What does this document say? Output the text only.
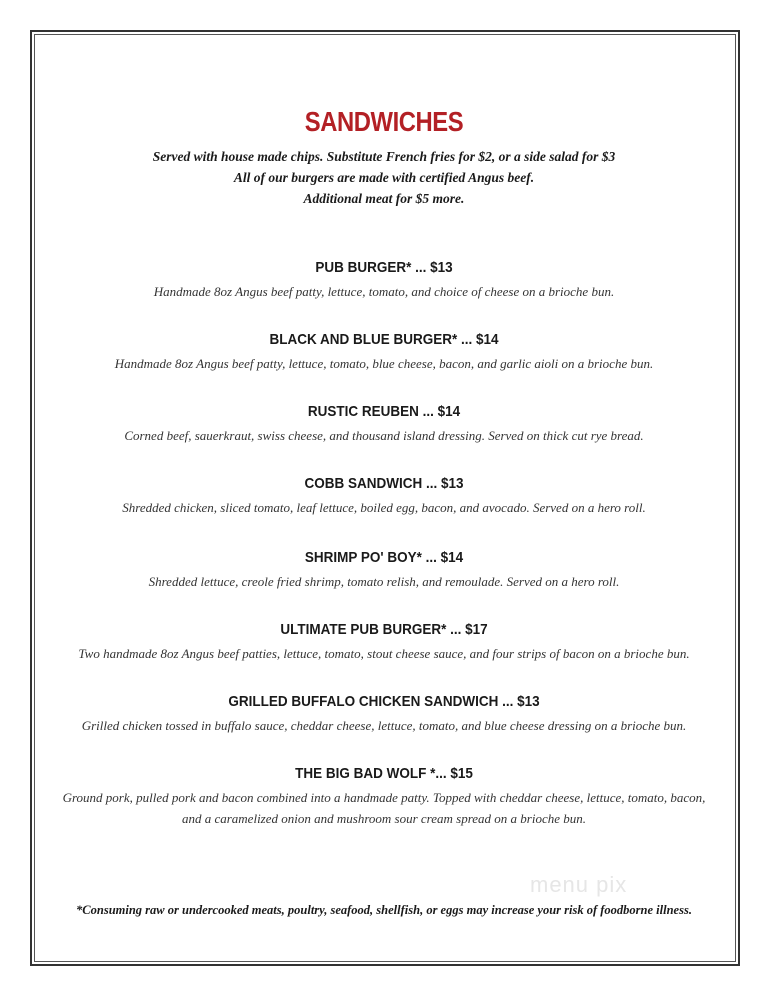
SANDWICHES
Served with house made chips. Substitute French fries for $2, or a side salad for $3
All of our burgers are made with certified Angus beef.
Additional meat for $5 more.
PUB BURGER* ... $13
Handmade 8oz Angus beef patty, lettuce, tomato, and choice of cheese on a brioche bun.
BLACK AND BLUE BURGER* ... $14
Handmade 8oz Angus beef patty, lettuce, tomato, blue cheese, bacon, and garlic aioli on a brioche bun.
RUSTIC REUBEN ... $14
Corned beef, sauerkraut, swiss cheese, and thousand island dressing. Served on thick cut rye bread.
COBB SANDWICH ... $13
Shredded chicken, sliced tomato, leaf lettuce, boiled egg, bacon, and avocado. Served on a hero roll.
SHRIMP PO' BOY* ... $14
Shredded lettuce, creole fried shrimp, tomato relish, and remoulade. Served on a hero roll.
ULTIMATE PUB BURGER* ... $17
Two handmade 8oz Angus beef patties, lettuce, tomato, stout cheese sauce, and four strips of bacon on a brioche bun.
GRILLED BUFFALO CHICKEN SANDWICH ... $13
Grilled chicken tossed in buffalo sauce, cheddar cheese, lettuce, tomato, and blue cheese dressing on a brioche bun.
THE BIG BAD WOLF *... $15
Ground pork, pulled pork and bacon combined into a handmade patty. Topped with cheddar cheese, lettuce, tomato, bacon,
and a caramelized onion and mushroom sour cream spread on a brioche bun.
menu pix
*Consuming raw or undercooked meats, poultry, seafood, shellfish, or eggs may increase your risk of foodborne illness.
